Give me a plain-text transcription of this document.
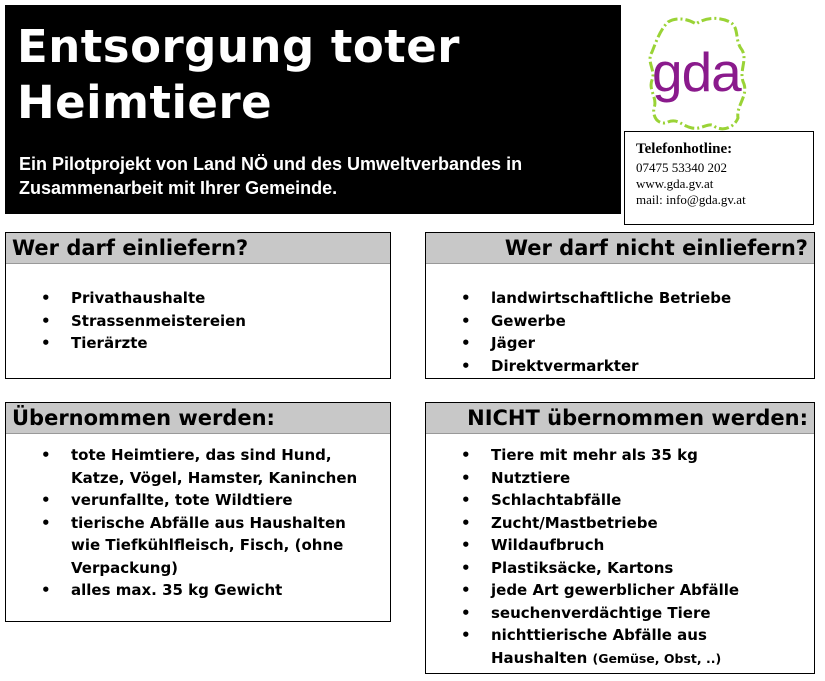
Entsorgung toter
Heimtiere

Ein Pilotprojekt von Land NÖ und des Umweltverbandes in Zusammenarbeit mit Ihrer Gemeinde.

gda
Telefonhotline:
07475 53340 202
www.gda.gv.at
mail: info@gda.gv.at
Wer darf einliefern?
• Privathaushalte
• Strassenmeistereien
• Tierärzte
Wer darf nicht einliefern?
• landwirtschaftliche Betriebe
• Gewerbe
• Jäger
• Direktvermarkter
Übernommen werden:
• tote Heimtiere, das sind Hund, Katze, Vögel, Hamster, Kaninchen
• verunfallte, tote Wildtiere
• tierische Abfälle aus Haushalten wie Tiefkühlfleisch, Fisch, (ohne Verpackung)
• alles max. 35 kg Gewicht
NICHT übernommen werden:
• Tiere mit mehr als 35 kg
• Nutztiere
• Schlachtabfälle
• Zucht/Mastbetriebe
• Wildaufbruch
• Plastiksäcke, Kartons
• jede Art gewerblicher Abfälle
• seuchenverdächtige Tiere
• nichttierische Abfälle aus Haushalten (Gemüse, Obst, ..)
